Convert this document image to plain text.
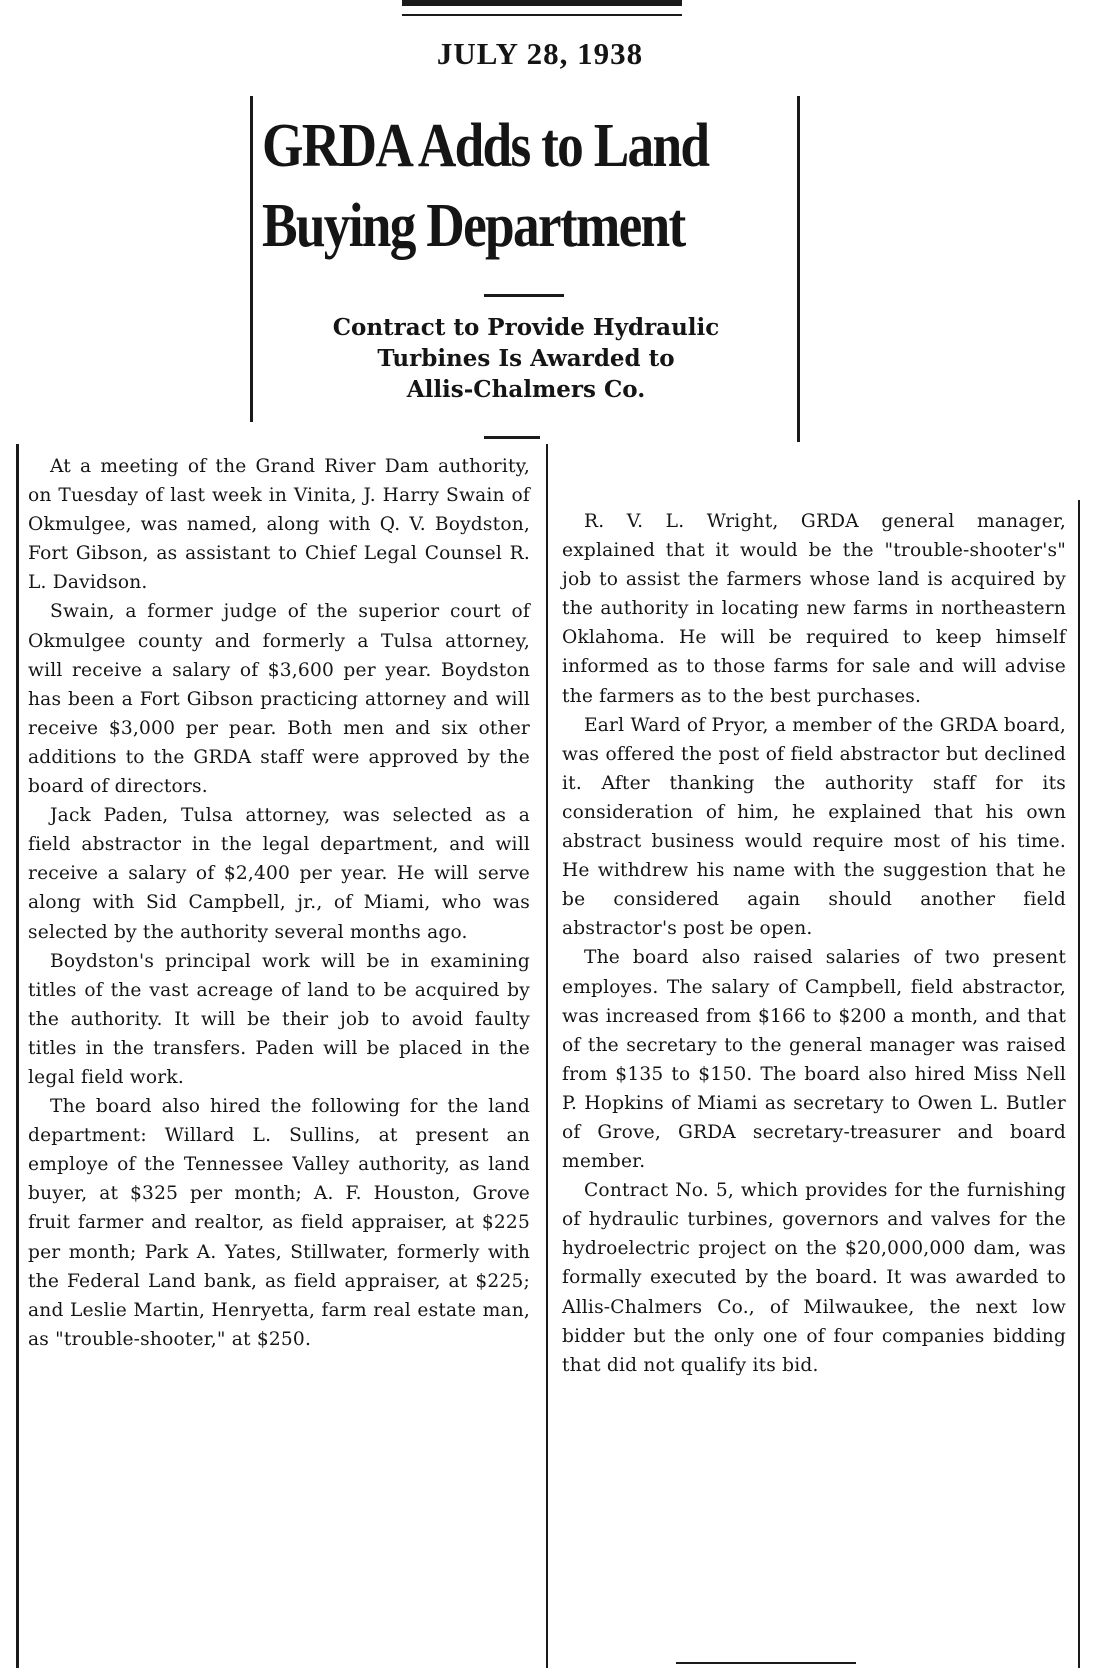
JULY 28, 1938
GRDA Adds to Land
Buying Department
Contract to Provide Hydraulic
Turbines Is Awarded to
Allis-Chalmers Co.

At a meeting of the Grand River Dam authority, on Tuesday of last week in Vinita, J. Harry Swain of Okmulgee, was named, along with Q. V. Boydston, Fort Gibson, as assistant to Chief Legal Counsel R. L. Davidson.

Swain, a former judge of the superior court of Okmulgee county and formerly a Tulsa attorney, will receive a salary of $3,600 per year. Boydston has been a Fort Gibson practicing attorney and will receive $3,000 per pear. Both men and six other additions to the GRDA staff were approved by the board of directors.

Jack Paden, Tulsa attorney, was selected as a field abstractor in the legal department, and will receive a salary of $2,400 per year. He will serve along with Sid Campbell, jr., of Miami, who was selected by the authority several months ago.

Boydston's principal work will be in examining titles of the vast acreage of land to be acquired by the authority. It will be their job to avoid faulty titles in the transfers. Paden will be placed in the legal field work.

The board also hired the following for the land department: Willard L. Sullins, at present an employe of the Tennessee Valley authority, as land buyer, at $325 per month; A. F. Houston, Grove fruit farmer and realtor, as field appraiser, at $225 per month; Park A. Yates, Stillwater, formerly with the Federal Land bank, as field appraiser, at $225; and Leslie Martin, Henryetta, farm real estate man, as "trouble-shooter," at $250.

R. V. L. Wright, GRDA general manager, explained that it would be the "trouble-shooter's" job to assist the farmers whose land is acquired by the authority in locating new farms in northeastern Oklahoma. He will be required to keep himself informed as to those farms for sale and will advise the farmers as to the best purchases.

Earl Ward of Pryor, a member of the GRDA board, was offered the post of field abstractor but declined it. After thanking the authority staff for its consideration of him, he explained that his own abstract business would require most of his time. He withdrew his name with the suggestion that he be considered again should another field abstractor's post be open.

The board also raised salaries of two present employes. The salary of Campbell, field abstractor, was increased from $166 to $200 a month, and that of the secretary to the general manager was raised from $135 to $150. The board also hired Miss Nell P. Hopkins of Miami as secretary to Owen L. Butler of Grove, GRDA secretary-treasurer and board member.

Contract No. 5, which provides for the furnishing of hydraulic turbines, governors and valves for the hydroelectric project on the $20,000,000 dam, was formally executed by the board. It was awarded to Allis-Chalmers Co., of Milwaukee, the next low bidder but the only one of four companies bidding that did not qualify its bid.
